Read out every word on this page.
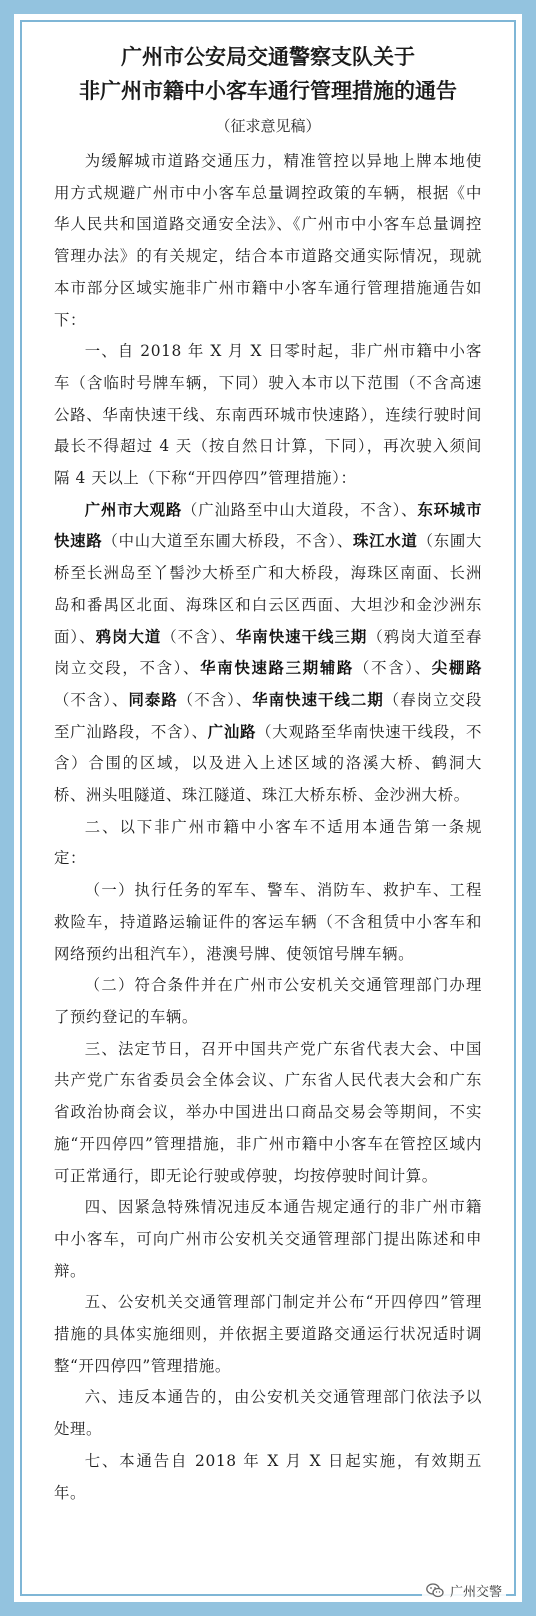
广州市公安局交通警察支队关于
非广州市籍中小客车通行管理措施的通告
（征求意见稿）

为缓解城市道路交通压力，精准管控以异地上牌本地使用方式规避广州市中小客车总量调控政策的车辆，根据《中华人民共和国道路交通安全法》、《广州市中小客车总量调控管理办法》的有关规定，结合本市道路交通实际情况，现就本市部分区域实施非广州市籍中小客车通行管理措施通告如下：

一、自 2018 年 X 月 X 日零时起，非广州市籍中小客车（含临时号牌车辆，下同）驶入本市以下范围（不含高速公路、华南快速干线、东南西环城市快速路），连续行驶时间最长不得超过 4 天（按自然日计算，下同），再次驶入须间隔 4 天以上（下称“开四停四”管理措施）：

广州市大观路（广汕路至中山大道段，不含）、东环城市快速路（中山大道至东圃大桥段，不含）、珠江水道（东圃大桥至长洲岛至丫髻沙大桥至广和大桥段，海珠区南面、长洲岛和番禺区北面、海珠区和白云区西面、大坦沙和金沙洲东面）、鸦岗大道（不含）、华南快速干线三期（鸦岗大道至春岗立交段，不含）、华南快速路三期辅路（不含）、尖棚路（不含）、同泰路（不含）、华南快速干线二期（春岗立交段至广汕路段，不含）、广汕路（大观路至华南快速干线段，不含）合围的区域，以及进入上述区域的洛溪大桥、鹤洞大桥、洲头咀隧道、珠江隧道、珠江大桥东桥、金沙洲大桥。

二、以下非广州市籍中小客车不适用本通告第一条规定：

（一）执行任务的军车、警车、消防车、救护车、工程救险车，持道路运输证件的客运车辆（不含租赁中小客车和网络预约出租汽车），港澳号牌、使领馆号牌车辆。

（二）符合条件并在广州市公安机关交通管理部门办理了预约登记的车辆。

三、法定节日，召开中国共产党广东省代表大会、中国共产党广东省委员会全体会议、广东省人民代表大会和广东省政治协商会议，举办中国进出口商品交易会等期间，不实施“开四停四”管理措施，非广州市籍中小客车在管控区域内可正常通行，即无论行驶或停驶，均按停驶时间计算。

四、因紧急特殊情况违反本通告规定通行的非广州市籍中小客车，可向广州市公安机关交通管理部门提出陈述和申辩。

五、公安机关交通管理部门制定并公布“开四停四”管理措施的具体实施细则，并依据主要道路交通运行状况适时调整“开四停四”管理措施。

六、违反本通告的，由公安机关交通管理部门依法予以处理。

七、本通告自 2018 年 X 月 X 日起实施，有效期五年。

广州交警
